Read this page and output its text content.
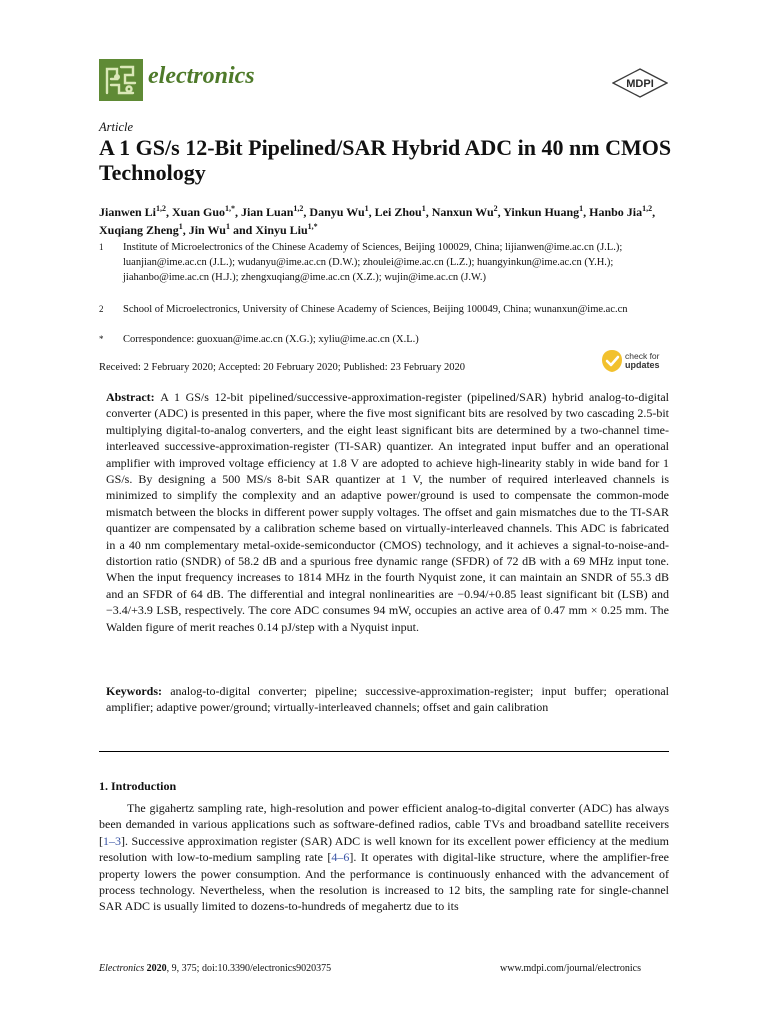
electronics	MDPI
Article
A 1 GS/s 12-Bit Pipelined/SAR Hybrid ADC in 40 nm CMOS Technology
Jianwen Li$^{1,2}$, Xuan Guo$^{1,*}$, Jian Luan$^{1,2}$, Danyu Wu$^1$, Lei Zhou$^1$, Nanxun Wu$^2$, Yinkun Huang$^1$, Hanbo Jia$^{1,2}$, Xuqiang Zheng$^1$, Jin Wu$^1$ and Xinyu Liu$^{1,*}$
1 Institute of Microelectronics of the Chinese Academy of Sciences, Beijing 100029, China; lijianwen@ime.ac.cn (J.L.); luanjian@ime.ac.cn (J.L.); wudanyu@ime.ac.cn (D.W.); zhoulei@ime.ac.cn (L.Z.); huangyinkun@ime.ac.cn (Y.H.); jiahanbo@ime.ac.cn (H.J.); zhengxuqiang@ime.ac.cn (X.Z.); wujin@ime.ac.cn (J.W.)
2 School of Microelectronics, University of Chinese Academy of Sciences, Beijing 100049, China; wunanxun@ime.ac.cn
* Correspondence: guoxuan@ime.ac.cn (X.G.); xyliu@ime.ac.cn (X.L.)
Received: 2 February 2020; Accepted: 20 February 2020; Published: 23 February 2020
check for
updates
Abstract: A 1 GS/s 12-bit pipelined/successive-approximation-register (pipelined/SAR) hybrid analog-to-digital converter (ADC) is presented in this paper, where the five most significant bits are resolved by two cascading 2.5-bit multiplying digital-to-analog converters, and the eight least significant bits are determined by a two-channel time-interleaved successive-approximation-register (TI-SAR) quantizer. An integrated input buffer and an operational amplifier with improved voltage efficiency at 1.8 V are adopted to achieve high-linearity stably in wide band for 1 GS/s. By designing a 500 MS/s 8-bit SAR quantizer at 1 V, the number of required interleaved channels is minimized to simplify the complexity and an adaptive power/ground is used to compensate the common-mode mismatch between the blocks in different power supply voltages. The offset and gain mismatches due to the TI-SAR quantizer are compensated by a calibration scheme based on virtually-interleaved channels. This ADC is fabricated in a 40 nm complementary metal-oxide-semiconductor (CMOS) technology, and it achieves a signal-to-noise-and-distortion ratio (SNDR) of 58.2 dB and a spurious free dynamic range (SFDR) of 72 dB with a 69 MHz input tone. When the input frequency increases to 1814 MHz in the fourth Nyquist zone, it can maintain an SNDR of 55.3 dB and an SFDR of 64 dB. The differential and integral nonlinearities are −0.94/+0.85 least significant bit (LSB) and −3.4/+3.9 LSB, respectively. The core ADC consumes 94 mW, occupies an active area of 0.47 mm × 0.25 mm. The Walden figure of merit reaches 0.14 pJ/step with a Nyquist input.
Keywords: analog-to-digital converter; pipeline; successive-approximation-register; input buffer; operational amplifier; adaptive power/ground; virtually-interleaved channels; offset and gain calibration
1. Introduction
The gigahertz sampling rate, high-resolution and power efficient analog-to-digital converter (ADC) has always been demanded in various applications such as software-defined radios, cable TVs and broadband satellite receivers [1–3]. Successive approximation register (SAR) ADC is well known for its excellent power efficiency at the medium resolution with low-to-medium sampling rate [4–6]. It operates with digital-like structure, where the amplifier-free property lowers the power consumption. And the performance is continuously enhanced with the advancement of process technology. Nevertheless, when the resolution is increased to 12 bits, the sampling rate for single-channel SAR ADC is usually limited to dozens-to-hundreds of megahertz due to its
Electronics 2020, 9, 375; doi:10.3390/electronics9020375	www.mdpi.com/journal/electronics
